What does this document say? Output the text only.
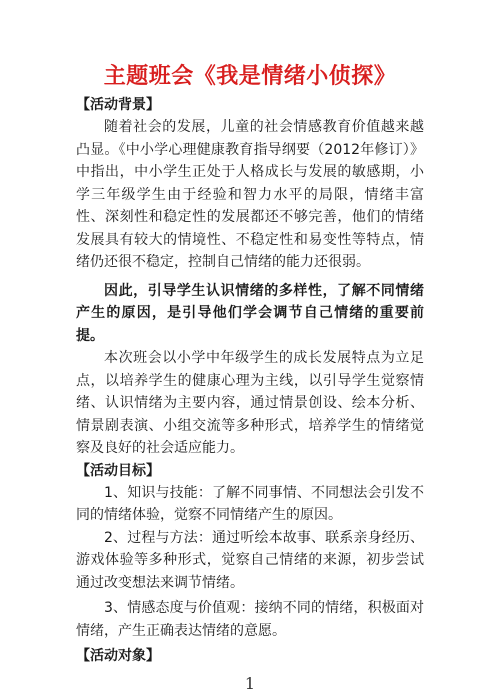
主题班会《我是情绪小侦探》

【活动背景】

随着社会的发展，儿童的社会情感教育价值越来越凸显。《中小学心理健康教育指导纲要（2012年修订）》中指出，中小学生正处于人格成长与发展的敏感期，小学三年级学生由于经验和智力水平的局限，情绪丰富性、深刻性和稳定性的发展都还不够完善，他们的情绪发展具有较大的情境性、不稳定性和易变性等特点，情绪仍还很不稳定，控制自己情绪的能力还很弱。

因此，引导学生认识情绪的多样性，了解不同情绪产生的原因，是引导他们学会调节自己情绪的重要前提。

本次班会以小学中年级学生的成长发展特点为立足点，以培养学生的健康心理为主线，以引导学生觉察情绪、认识情绪为主要内容，通过情景创设、绘本分析、情景剧表演、小组交流等多种形式，培养学生的情绪觉察及良好的社会适应能力。

【活动目标】

1、知识与技能：了解不同事情、不同想法会引发不同的情绪体验，觉察不同情绪产生的原因。

2、过程与方法：通过听绘本故事、联系亲身经历、游戏体验等多种形式，觉察自己情绪的来源，初步尝试通过改变想法来调节情绪。

3、情感态度与价值观：接纳不同的情绪，积极面对情绪，产生正确表达情绪的意愿。

【活动对象】

1
